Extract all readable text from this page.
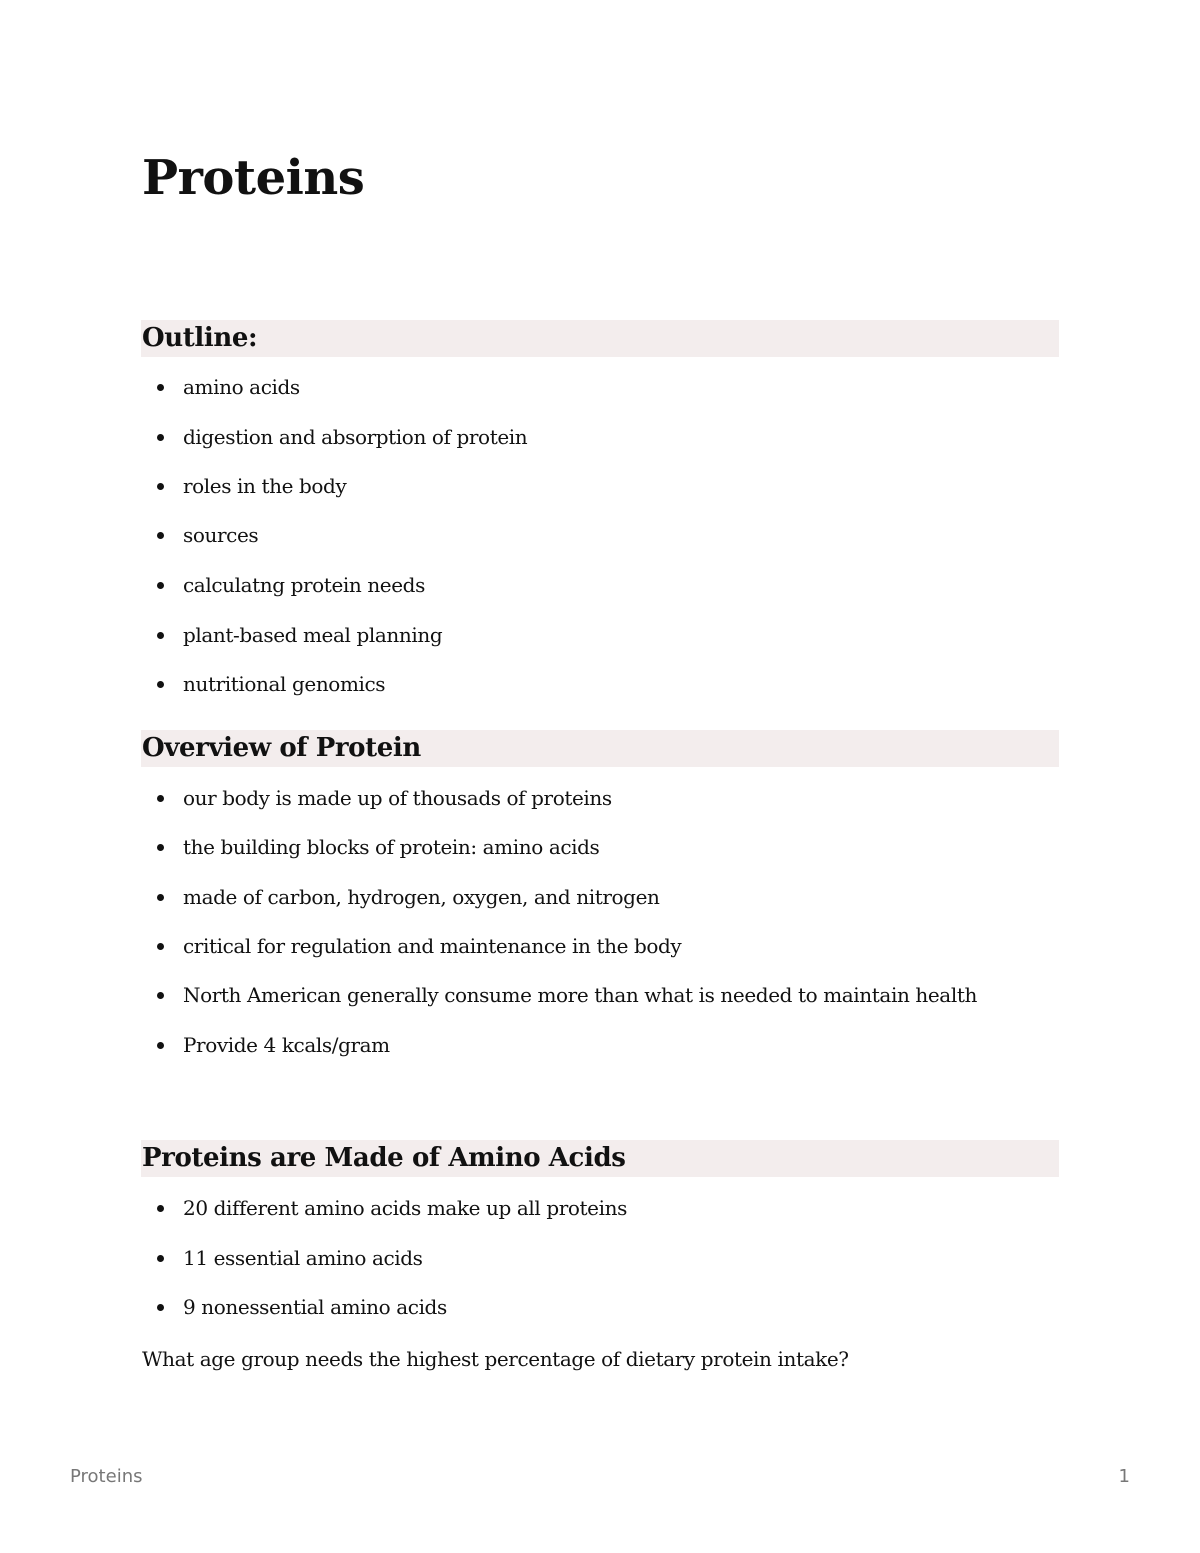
Proteins
Outline:
amino acids
digestion and absorption of protein
roles in the body
sources
calculatng protein needs
plant-based meal planning
nutritional genomics
Overview of Protein
our body is made up of thousads of proteins
the building blocks of protein: amino acids
made of carbon, hydrogen, oxygen, and nitrogen
critical for regulation and maintenance in the body
North American generally consume more than what is needed to maintain health
Provide 4 kcals/gram
Proteins are Made of Amino Acids
20 different amino acids make up all proteins
11 essential amino acids
9 nonessential amino acids

What age group needs the highest percentage of dietary protein intake?

Proteins	1
